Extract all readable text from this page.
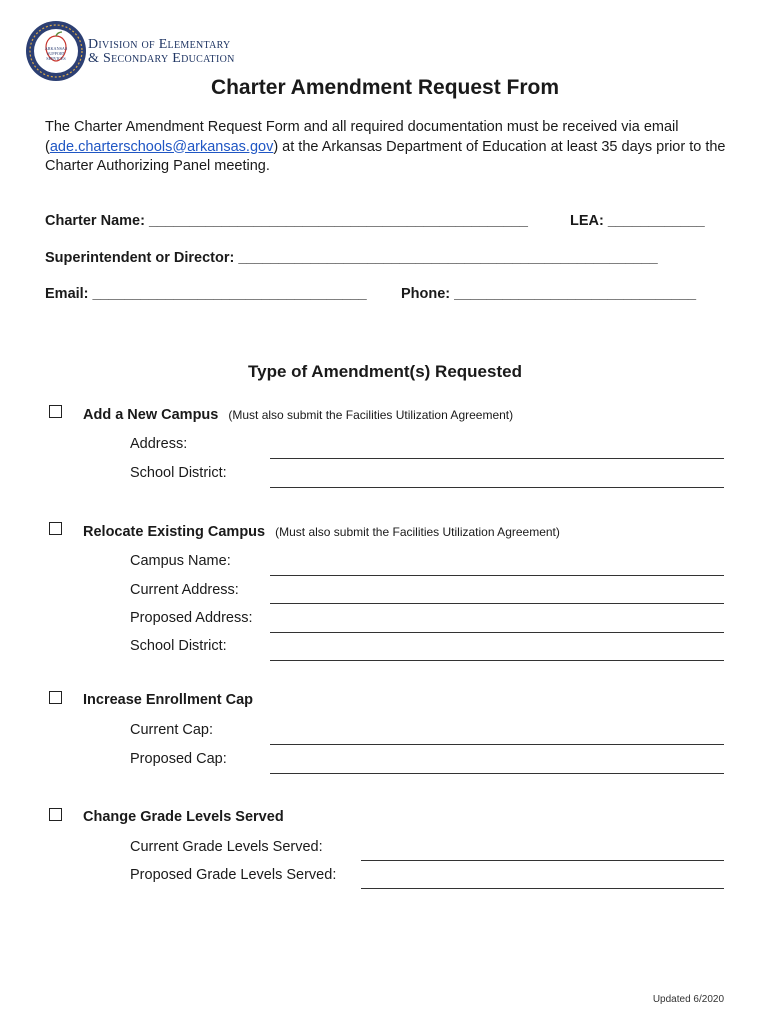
ARKANSAS
SUPPORT
SERVICES
Division of Elementary
& Secondary Education
Charter Amendment Request From
The Charter Amendment Request Form and all required documentation must be received via email (ade.charterschools@arkansas.gov) at the Arkansas Department of Education at least 35 days prior to the Charter Authorizing Panel meeting.
Charter Name: _______________________________________________	LEA: ____________
Superintendent or Director: ____________________________________________________
Email: __________________________________ Phone: ______________________________
Type of Amendment(s) Requested
Add a New Campus (Must also submit the Facilities Utilization Agreement)
Address:
School District:
Relocate Existing Campus (Must also submit the Facilities Utilization Agreement)
Campus Name:
Current Address:
Proposed Address:
School District:
Increase Enrollment Cap
Current Cap:
Proposed Cap:
Change Grade Levels Served
Current Grade Levels Served:
Proposed Grade Levels Served:
Updated 6/2020
